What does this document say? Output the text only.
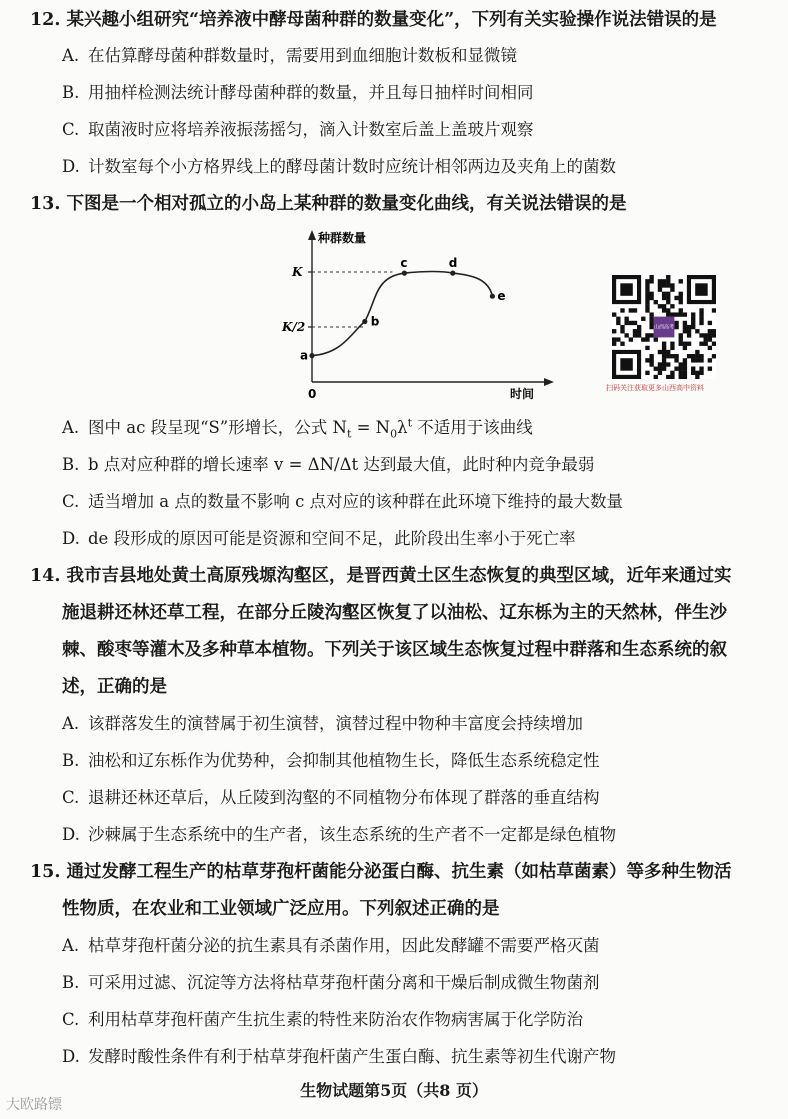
12. 某兴趣小组研究“培养液中酵母菌种群的数量变化”，下列有关实验操作说法错误的是
A. 在估算酵母菌种群数量时，需要用到血细胞计数板和显微镜
B. 用抽样检测法统计酵母菌种群的数量，并且每日抽样时间相同
C. 取菌液时应将培养液振荡摇匀，滴入计数室后盖上盖玻片观察
D. 计数室每个小方格界线上的酵母菌计数时应统计相邻两边及夹角上的菌数
13. 下图是一个相对孤立的小岛上某种群的数量变化曲线，有关说法错误的是
种群数量
时间
0
K
K/2
a
b
c	d
e
山西高考
扫码关注获取更多山西高中资料
A. 图中 ac 段呈现“S”形增长，公式 $N_t = N_0\lambda^t$ 不适用于该曲线
B. b 点对应种群的增长速率 v = ΔN/Δt 达到最大值，此时种内竞争最弱
C. 适当增加 a 点的数量不影响 c 点对应的该种群在此环境下维持的最大数量
D. de 段形成的原因可能是资源和空间不足，此阶段出生率小于死亡率
14. 我市吉县地处黄土高原残塬沟壑区，是晋西黄土区生态恢复的典型区域，近年来通过实
施退耕还林还草工程，在部分丘陵沟壑区恢复了以油松、辽东栎为主的天然林，伴生沙
棘、酸枣等灌木及多种草本植物。下列关于该区域生态恢复过程中群落和生态系统的叙
述，正确的是
A. 该群落发生的演替属于初生演替，演替过程中物种丰富度会持续增加
B. 油松和辽东栎作为优势种，会抑制其他植物生长，降低生态系统稳定性
C. 退耕还林还草后，从丘陵到沟壑的不同植物分布体现了群落的垂直结构
D. 沙棘属于生态系统中的生产者，该生态系统的生产者不一定都是绿色植物
15. 通过发酵工程生产的枯草芽孢杆菌能分泌蛋白酶、抗生素（如枯草菌素）等多种生物活
性物质，在农业和工业领域广泛应用。下列叙述正确的是
A. 枯草芽孢杆菌分泌的抗生素具有杀菌作用，因此发酵罐不需要严格灭菌
B. 可采用过滤、沉淀等方法将枯草芽孢杆菌分离和干燥后制成微生物菌剂
C. 利用枯草芽孢杆菌产生抗生素的特性来防治农作物病害属于化学防治
D. 发酵时酸性条件有利于枯草芽孢杆菌产生蛋白酶、抗生素等初生代谢产物
生物试题第5页（共8 页）
大欧路镖
